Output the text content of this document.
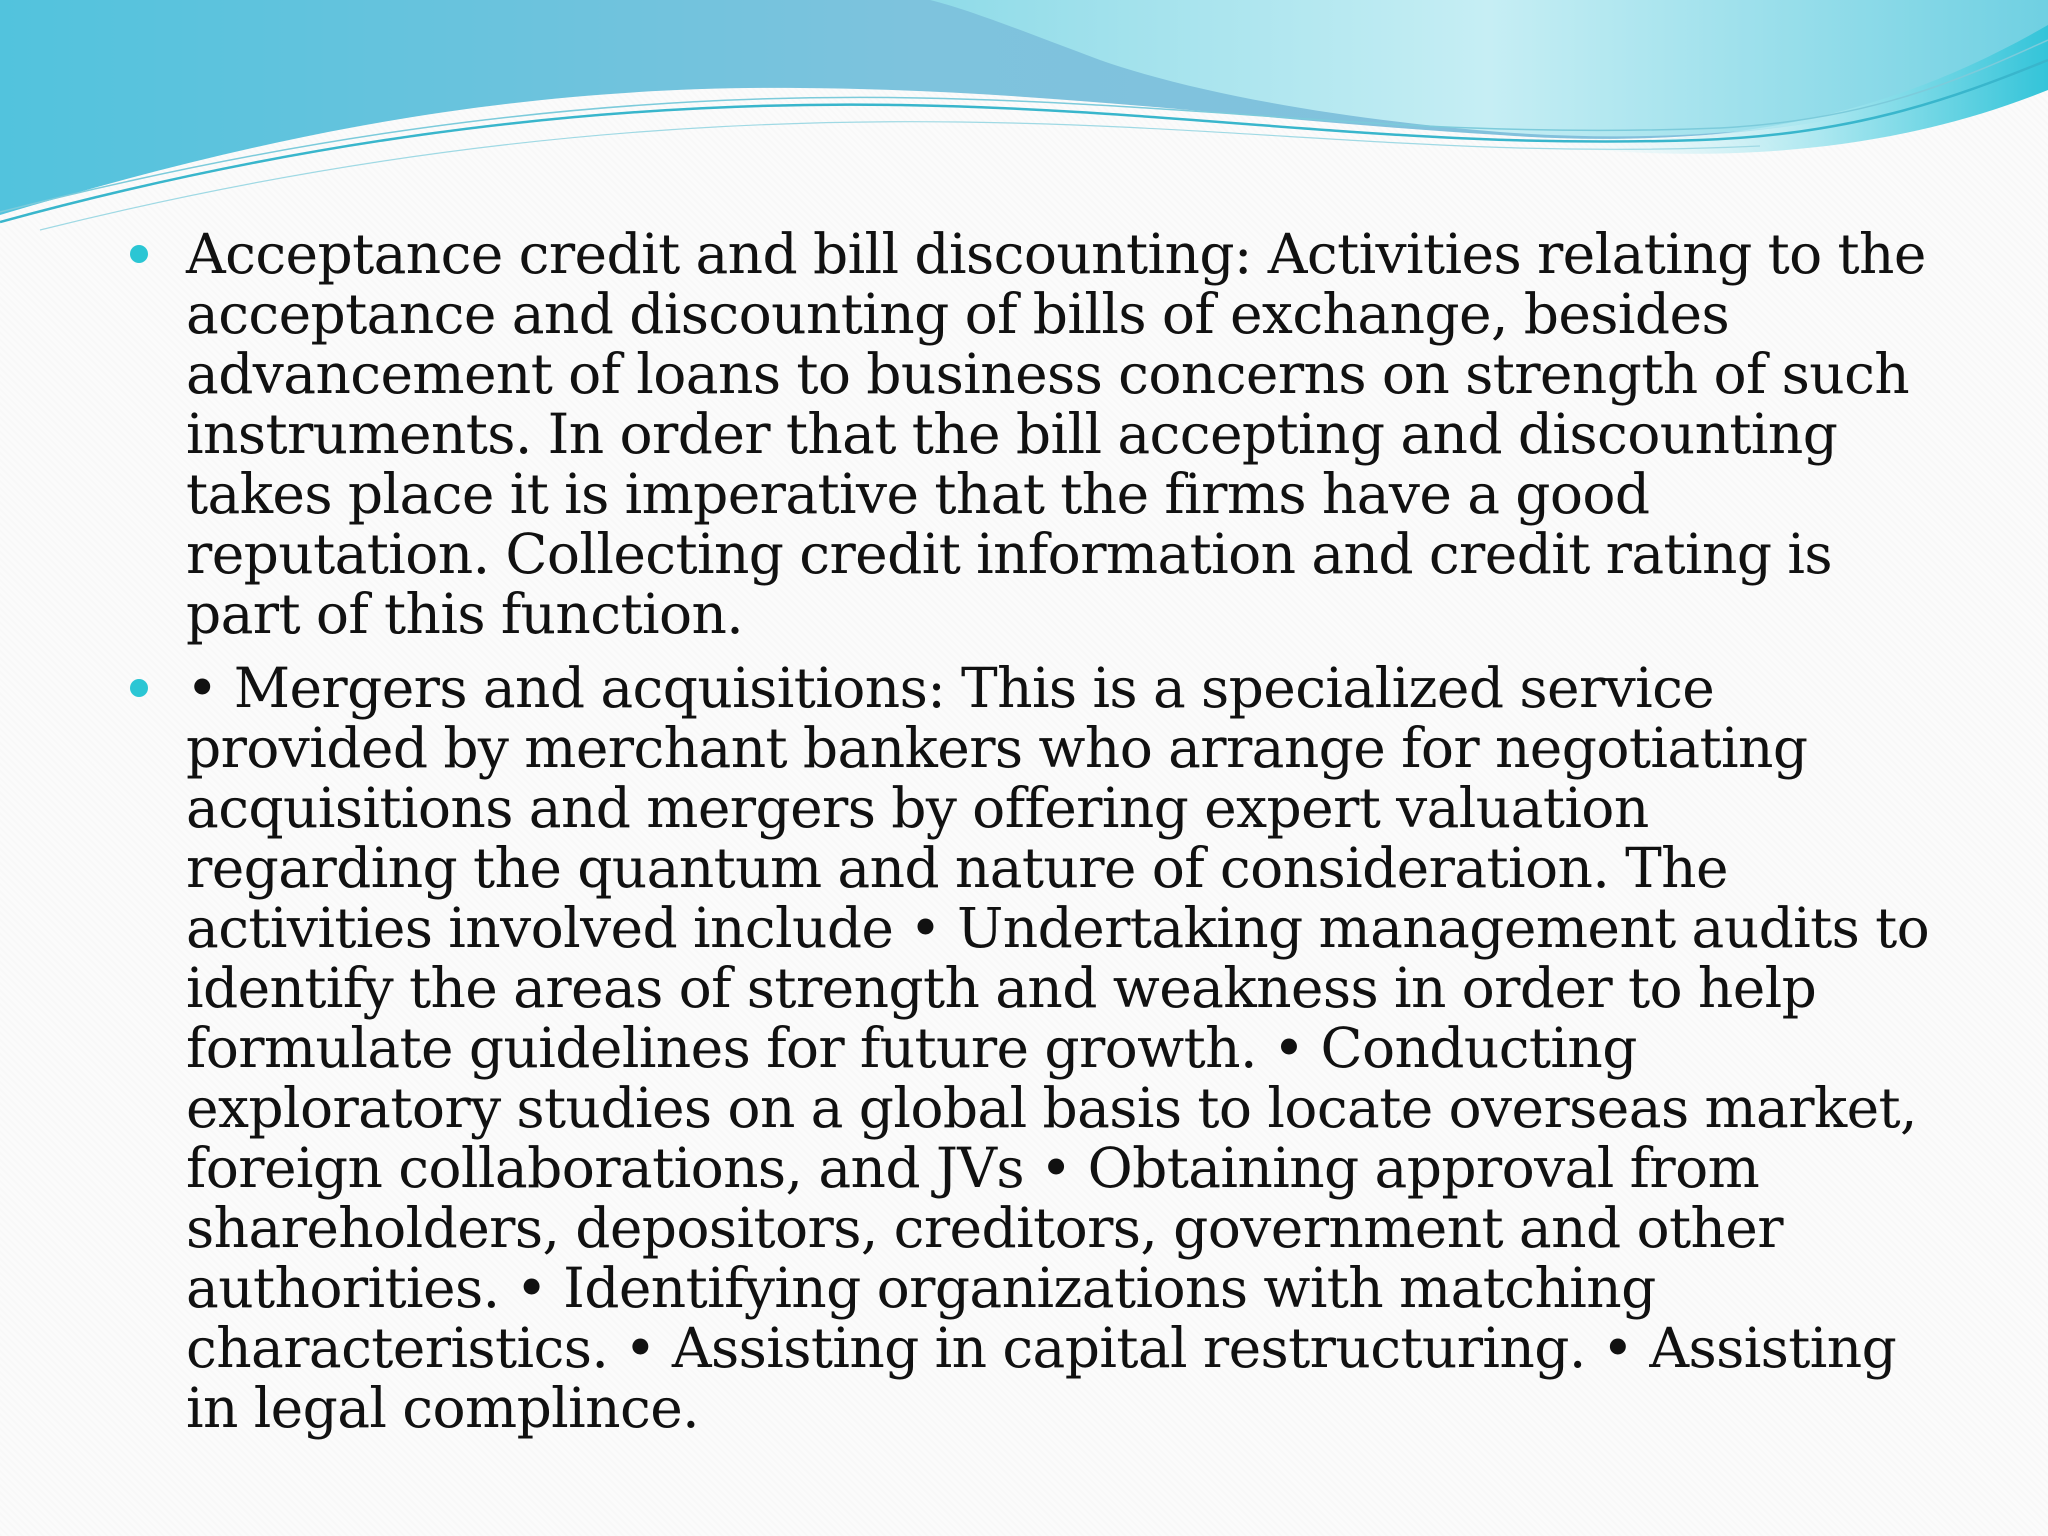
Acceptance credit and bill discounting: Activities relating to the acceptance and discounting of bills of exchange, besides advancement of loans to business concerns on strength of such instruments. In order that the bill accepting and discounting takes place it is imperative that the firms have a good reputation. Collecting credit information and credit rating is part of this function.
• Mergers and acquisitions: This is a specialized service provided by merchant bankers who arrange for negotiating acquisitions and mergers by offering expert valuation regarding the quantum and nature of consideration. The activities involved include • Undertaking management audits to identify the areas of strength and weakness in order to help formulate guidelines for future growth. • Conducting exploratory studies on a global basis to locate overseas market, foreign collaborations, and JVs • Obtaining approval from shareholders, depositors, creditors, government and other authorities. • Identifying organizations with matching characteristics. • Assisting in capital restructuring. • Assisting in legal complince.
